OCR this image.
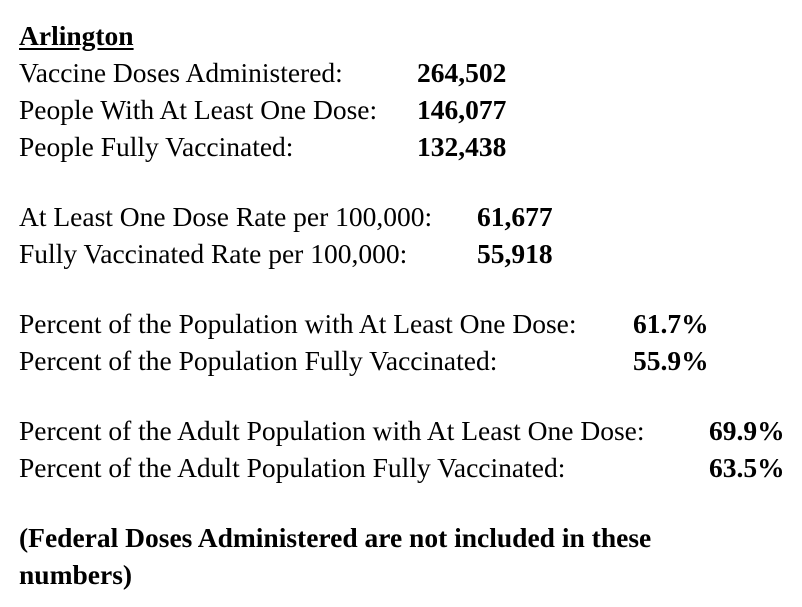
Arlington
Vaccine Doses Administered:	264,502
People With At Least One Dose: 146,077
People Fully Vaccinated:	132,438
At Least One Dose Rate per 100,000: 61,677
Fully Vaccinated Rate per 100,000:	55,918
Percent of the Population with At Least One Dose: 61.7%
Percent of the Population Fully Vaccinated:	55.9%
Percent of the Adult Population with At Least One Dose: 69.9%
Percent of the Adult Population Fully Vaccinated:	63.5%
(Federal Doses Administered are not included in these numbers)
